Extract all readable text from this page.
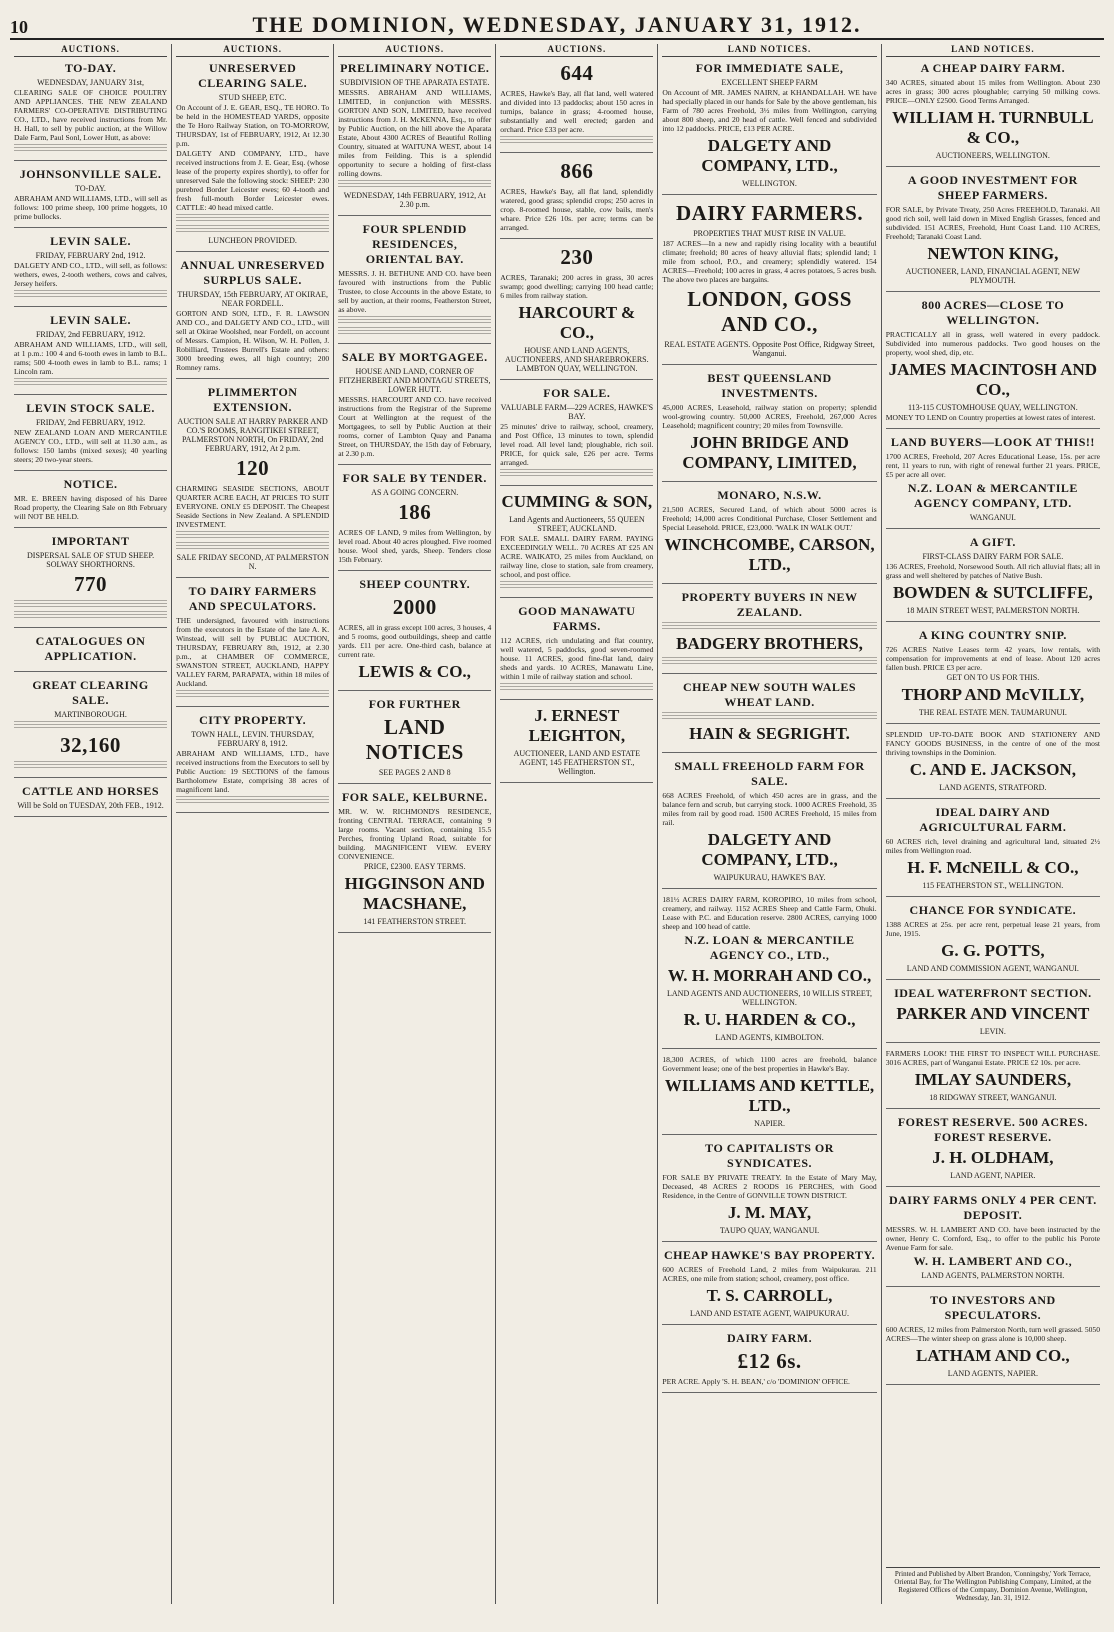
10	THE DOMINION, WEDNESDAY, JANUARY 31, 1912.
AUCTIONS.
TO-DAY.
WEDNESDAY, JANUARY 31st,

CLEARING SALE OF CHOICE POULTRY AND APPLIANCES. THE NEW ZEALAND FARMERS' CO-OPERATIVE DISTRIBUTING CO., LTD., have received instructions from Mr. H. Hall, to sell by public auction, at the Willow Dale Farm, Paul Sonl, Lower Hutt, as above:

JOHNSONVILLE SALE.
TO-DAY.

ABRAHAM AND WILLIAMS, LTD., will sell as follows: 100 prime sheep, 100 prime hoggets, 10 prime bullocks.

LEVIN SALE.
FRIDAY, FEBRUARY 2nd, 1912.

DALGETY AND CO., LTD., will sell, as follows: wethers, ewes, 2-tooth wethers, cows and calves, Jersey heifers.

LEVIN SALE.
FRIDAY, 2nd FEBRUARY, 1912.

ABRAHAM AND WILLIAMS, LTD., will sell, at 1 p.m.: 100 4 and 6-tooth ewes in lamb to B.L. rams; 500 4-tooth ewes in lamb to B.L. rams; 1 Lincoln ram.

LEVIN STOCK SALE.
FRIDAY, 2nd FEBRUARY, 1912.

NEW ZEALAND LOAN AND MERCANTILE AGENCY CO., LTD., will sell at 11.30 a.m., as follows: 150 lambs (mixed sexes); 40 yearling steers; 20 two-year steers.

NOTICE.

MR. E. BREEN having disposed of his Daree Road property, the Clearing Sale on 8th February will NOT BE HELD.

IMPORTANT
DISPERSAL SALE OF STUD SHEEP. SOLWAY SHORTHORNS.
770
CATALOGUES ON APPLICATION.
GREAT CLEARING SALE.
MARTINBOROUGH.
32,160
CATTLE AND HORSES
Will be Sold on TUESDAY, 20th FEB., 1912.
AUCTIONS.
UNRESERVED CLEARING SALE.
STUD SHEEP, ETC.

On Account of J. E. GEAR, ESQ., TE HORO. To be held in the HOMESTEAD YARDS, opposite the Te Horo Railway Station, on TO-MORROW, THURSDAY, 1st of FEBRUARY, 1912, At 12.30 p.m.

DALGETY AND COMPANY, LTD., have received instructions from J. E. Gear, Esq. (whose lease of the property expires shortly), to offer for unreserved Sale the following stock: SHEEP: 230 purebred Border Leicester ewes; 60 4-tooth and fresh full-mouth Border Leicester ewes. CATTLE: 40 head mixed cattle.

LUNCHEON PROVIDED.
ANNUAL UNRESERVED SURPLUS SALE.
THURSDAY, 15th FEBRUARY, AT OKIRAE, NEAR FORDELL.

GORTON AND SON, LTD., F. R. LAWSON AND CO., and DALGETY AND CO., LTD., will sell at Okirae Woolshed, near Fordell, on account of Messrs. Campion, H. Wilson, W. H. Pollen, J. Robilliard, Trustees Burrell's Estate and others: 3000 breeding ewes, all high country; 200 Romney rams.

PLIMMERTON EXTENSION.
AUCTION SALE AT HARRY PARKER AND CO.'S ROOMS, RANGITIKEI STREET, PALMERSTON NORTH, On FRIDAY, 2nd FEBRUARY, 1912, At 2 p.m.
120

CHARMING SEASIDE SECTIONS, ABOUT QUARTER ACRE EACH, AT PRICES TO SUIT EVERYONE. ONLY £5 DEPOSIT. The Cheapest Seaside Sections in New Zealand. A SPLENDID INVESTMENT.

SALE FRIDAY SECOND, AT PALMERSTON N.
TO DAIRY FARMERS AND SPECULATORS.

THE undersigned, favoured with instructions from the executors in the Estate of the late A. K. Winstead, will sell by PUBLIC AUCTION, THURSDAY, FEBRUARY 8th, 1912, at 2.30 p.m., at CHAMBER OF COMMERCE, SWANSTON STREET, AUCKLAND, HAPPY VALLEY FARM, PARAPATA, within 18 miles of Auckland.

CITY PROPERTY.
TOWN HALL, LEVIN. THURSDAY, FEBRUARY 8, 1912.

ABRAHAM AND WILLIAMS, LTD., have received instructions from the Executors to sell by Public Auction: 19 SECTIONS of the famous Bartholomew Estate, comprising 38 acres of magnificent land.

AUCTIONS.
PRELIMINARY NOTICE.
SUBDIVISION OF THE APARATA ESTATE.

MESSRS. ABRAHAM AND WILLIAMS, LIMITED, in conjunction with MESSRS. GORTON AND SON, LIMITED, have received instructions from J. H. McKENNA, Esq., to offer by Public Auction, on the hill above the Aparata Estate, About 4300 ACRES of Beautiful Rolling Country, situated at WAITUNA WEST, about 14 miles from Feilding. This is a splendid opportunity to secure a holding of first-class rolling downs.

WEDNESDAY, 14th FEBRUARY, 1912, At 2.30 p.m.
FOUR SPLENDID RESIDENCES, ORIENTAL BAY.

MESSRS. J. H. BETHUNE AND CO. have been favoured with instructions from the Public Trustee, to close Accounts in the above Estate, to sell by auction, at their rooms, Featherston Street, as above.

SALE BY MORTGAGEE.
HOUSE AND LAND, CORNER OF FITZHERBERT AND MONTAGU STREETS, LOWER HUTT.

MESSRS. HARCOURT AND CO. have received instructions from the Registrar of the Supreme Court at Wellington at the request of the Mortgagees, to sell by Public Auction at their rooms, corner of Lambton Quay and Panama Street, on THURSDAY, the 15th day of February, at 2.30 p.m.

FOR SALE BY TENDER.
AS A GOING CONCERN.
186

ACRES OF LAND, 9 miles from Wellington, by level road. About 40 acres ploughed. Five roomed house. Wool shed, yards, Sheep. Tenders close 15th February.

SHEEP COUNTRY.
2000

ACRES, all in grass except 100 acres, 3 houses, 4 and 5 rooms, good outbuildings, sheep and cattle yards. £11 per acre. One-third cash, balance at current rate.

LEWIS & CO.,
FOR FURTHER
LAND NOTICES
SEE PAGES 2 AND 8
FOR SALE, KELBURNE.

MR. W. W. RICHMOND'S RESIDENCE, fronting CENTRAL TERRACE, containing 9 large rooms. Vacant section, containing 15.5 Perches, fronting Upland Road, suitable for building. MAGNIFICENT VIEW. EVERY CONVENIENCE.

PRICE, £2300. EASY TERMS.
HIGGINSON AND MACSHANE,
141 FEATHERSTON STREET.
AUCTIONS.
644

ACRES, Hawke's Bay, all flat land, well watered and divided into 13 paddocks; about 150 acres in turnips, balance in grass; 4-roomed house, substantially and well erected; garden and orchard. Price £33 per acre.

866

ACRES, Hawke's Bay, all flat land, splendidly watered, good grass; splendid crops; 250 acres in crop. 8-roomed house, stable, cow bails, men's whare. Price £26 10s. per acre; terms can be arranged.

230

ACRES, Taranaki; 200 acres in grass, 30 acres swamp; good dwelling; carrying 100 head cattle; 6 miles from railway station.

HARCOURT & CO.,
HOUSE AND LAND AGENTS, AUCTIONEERS, AND SHAREBROKERS. LAMBTON QUAY, WELLINGTON.
FOR SALE.
VALUABLE FARM—229 ACRES, HAWKE'S BAY.

25 minutes' drive to railway, school, creamery, and Post Office, 13 minutes to town, splendid level road. All level land; ploughable, rich soil. PRICE, for quick sale, £26 per acre. Terms arranged.

CUMMING & SON,
Land Agents and Auctioneers, 55 QUEEN STREET, AUCKLAND.

FOR SALE. SMALL DAIRY FARM. PAYING EXCEEDINGLY WELL. 70 ACRES AT £25 AN ACRE. WAIKATO, 25 miles from Auckland, on railway line, close to station, sale from creamery, school, and post office.

GOOD MANAWATU FARMS.

112 ACRES, rich undulating and flat country, well watered, 5 paddocks, good seven-roomed house. 11 ACRES, good fine-flat land, dairy sheds and yards. 10 ACRES, Manawatu Line, within 1 mile of railway station and school.

J. ERNEST LEIGHTON,
AUCTIONEER, LAND AND ESTATE AGENT, 145 FEATHERSTON ST., Wellington.
LAND NOTICES.
FOR IMMEDIATE SALE,
EXCELLENT SHEEP FARM

On Account of MR. JAMES NAIRN, at KHANDALLAH. WE have had specially placed in our hands for Sale by the above gentleman, his Farm of 780 acres Freehold, 3½ miles from Wellington, carrying about 800 sheep, and 20 head of cattle. Well fenced and subdivided into 12 paddocks. PRICE, £13 PER ACRE.

DALGETY AND COMPANY, LTD.,
WELLINGTON.
DAIRY FARMERS.
PROPERTIES THAT MUST RISE IN VALUE.

187 ACRES—In a new and rapidly rising locality with a beautiful climate; freehold; 80 acres of heavy alluvial flats; splendid land; 1 mile from school, P.O., and creamery; splendidly watered. 154 ACRES—Freehold; 100 acres in grass, 4 acres potatoes, 5 acres bush. The above two places are bargains.

LONDON, GOSS AND CO.,
REAL ESTATE AGENTS. Opposite Post Office, Ridgway Street, Wanganui.
BEST QUEENSLAND INVESTMENTS.

45,000 ACRES, Leasehold, railway station on property; splendid wool-growing country. 50,000 ACRES, Freehold, 267,000 Acres Leasehold; magnificent country; 20 miles from Townsville.

JOHN BRIDGE AND COMPANY, LIMITED,
MONARO, N.S.W.

21,500 ACRES, Secured Land, of which about 5000 acres is Freehold; 14,000 acres Conditional Purchase, Closer Settlement and Special Leasehold. PRICE, £23,000. 'WALK IN WALK OUT.'

WINCHCOMBE, CARSON, LTD.,
PROPERTY BUYERS IN NEW ZEALAND.
BADGERY BROTHERS,
CHEAP NEW SOUTH WALES WHEAT LAND.
HAIN & SEGRIGHT.
SMALL FREEHOLD FARM FOR SALE.

668 ACRES Freehold, of which 450 acres are in grass, and the balance fern and scrub, but carrying stock. 1000 ACRES Freehold, 35 miles from rail by good road. 1500 ACRES Freehold, 15 miles from rail.

DALGETY AND COMPANY, LTD.,
WAIPUKURAU, HAWKE'S BAY.

181½ ACRES DAIRY FARM, KOROPIRO, 10 miles from school, creamery, and railway. 1152 ACRES Sheep and Cattle Farm, Ohuki. Lease with P.C. and Education reserve. 2800 ACRES, carrying 1000 sheep and 100 head of cattle.

N.Z. LOAN & MERCANTILE AGENCY CO., LTD.,
W. H. MORRAH AND CO.,
LAND AGENTS AND AUCTIONEERS, 10 WILLIS STREET, WELLINGTON.
R. U. HARDEN & CO.,
LAND AGENTS, KIMBOLTON.

18,300 ACRES, of which 1100 acres are freehold, balance Government lease; one of the best properties in Hawke's Bay.

WILLIAMS AND KETTLE, LTD.,
NAPIER.
TO CAPITALISTS OR SYNDICATES.

FOR SALE BY PRIVATE TREATY. In the Estate of Mary May, Deceased, 48 ACRES 2 ROODS 16 PERCHES, with Good Residence, in the Centre of GONVILLE TOWN DISTRICT.

J. M. MAY,
TAUPO QUAY, WANGANUI.
CHEAP HAWKE'S BAY PROPERTY.

600 ACRES of Freehold Land, 2 miles from Waipukurau. 211 ACRES, one mile from station; school, creamery, post office.

T. S. CARROLL,
LAND AND ESTATE AGENT, WAIPUKURAU.
DAIRY FARM.
£12 6s.

PER ACRE. Apply 'S. H. BEAN,' c/o 'DOMINION' OFFICE.

LAND NOTICES.
A CHEAP DAIRY FARM.

340 ACRES, situated about 15 miles from Wellington. About 230 acres in grass; 300 acres ploughable; carrying 50 milking cows. PRICE—ONLY £2500. Good Terms Arranged.

WILLIAM H. TURNBULL & CO.,
AUCTIONEERS, WELLINGTON.
A GOOD INVESTMENT FOR SHEEP FARMERS.

FOR SALE, by Private Treaty, 250 Acres FREEHOLD, Taranaki. All good rich soil, well laid down in Mixed English Grasses, fenced and subdivided. 151 ACRES, Freehold, Hunt Coast Land. 110 ACRES, Freehold; Taranaki Coast Land.

NEWTON KING,
AUCTIONEER, LAND, FINANCIAL AGENT, NEW PLYMOUTH.
800 ACRES—CLOSE TO WELLINGTON.

PRACTICALLY all in grass, well watered in every paddock. Subdivided into numerous paddocks. Two good houses on the property, wool shed, dip, etc.

JAMES MACINTOSH AND CO.,
113-115 CUSTOMHOUSE QUAY, WELLINGTON.

MONEY TO LEND on Country properties at lowest rates of interest.

LAND BUYERS—LOOK AT THIS!!

1700 ACRES, Freehold, 207 Acres Educational Lease, 15s. per acre rent, 11 years to run, with right of renewal further 21 years. PRICE, £5 per acre all over.

N.Z. LOAN & MERCANTILE AGENCY COMPANY, LTD.
WANGANUI.
A GIFT.
FIRST-CLASS DAIRY FARM FOR SALE.

136 ACRES, Freehold, Norsewood South. All rich alluvial flats; all in grass and well sheltered by patches of Native Bush.

BOWDEN & SUTCLIFFE,
18 MAIN STREET WEST, PALMERSTON NORTH.
A KING COUNTRY SNIP.

726 ACRES Native Leases term 42 years, low rentals, with compensation for improvements at end of lease. About 120 acres fallen bush. PRICE £3 per acre.

GET ON TO US FOR THIS.
THORP AND McVILLY,
THE REAL ESTATE MEN. TAUMARUNUI.

SPLENDID UP-TO-DATE BOOK AND STATIONERY AND FANCY GOODS BUSINESS, in the centre of one of the most thriving townships in the Dominion.

C. AND E. JACKSON,
LAND AGENTS, STRATFORD.
IDEAL DAIRY AND AGRICULTURAL FARM.

60 ACRES rich, level draining and agricultural land, situated 2½ miles from Wellington road.

H. F. McNEILL & CO.,
115 FEATHERSTON ST., WELLINGTON.
CHANCE FOR SYNDICATE.

1388 ACRES at 25s. per acre rent, perpetual lease 21 years, from June, 1915.

G. G. POTTS,
LAND AND COMMISSION AGENT, WANGANUI.
IDEAL WATERFRONT SECTION.
PARKER AND VINCENT
LEVIN.

FARMERS LOOK! THE FIRST TO INSPECT WILL PURCHASE. 3016 ACRES, part of Wanganui Estate. PRICE £2 10s. per acre.

IMLAY SAUNDERS,
18 RIDGWAY STREET, WANGANUI.
FOREST RESERVE. 500 ACRES. FOREST RESERVE.
J. H. OLDHAM,
LAND AGENT, NAPIER.
DAIRY FARMS ONLY 4 PER CENT. DEPOSIT.

MESSRS. W. H. LAMBERT AND CO. have been instructed by the owner, Henry C. Cornford, Esq., to offer to the public his Porote Avenue Farm for sale.

W. H. LAMBERT AND CO.,
LAND AGENTS, PALMERSTON NORTH.
TO INVESTORS AND SPECULATORS.

600 ACRES, 12 miles from Palmerston North, turn well grassed. 5050 ACRES—The winter sheep on grass alone is 10,000 sheep.

LATHAM AND CO.,
LAND AGENTS, NAPIER.
Printed and Published by Albert Brandon, 'Conningsby,' York Terrace, Oriental Bay, for The Wellington Publishing Company, Limited, at the Registered Offices of the Company, Dominion Avenue, Wellington, Wednesday, Jan. 31, 1912.
